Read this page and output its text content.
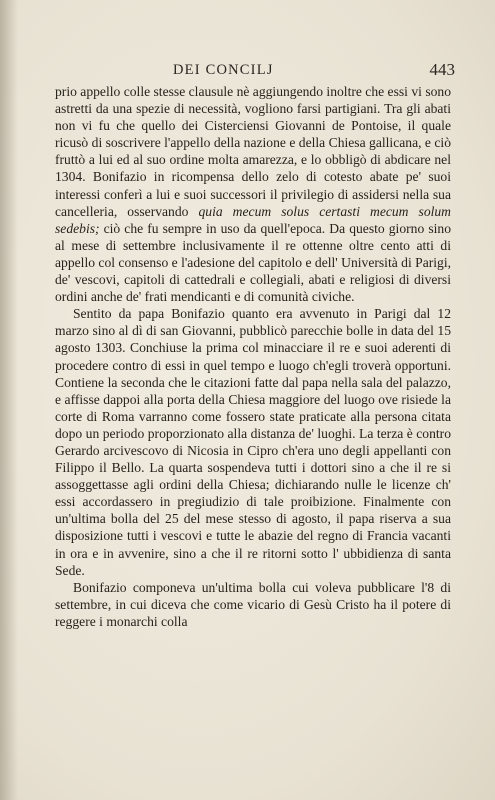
DEI CONCILJ	443

prio appello colle stesse clausule nè aggiungendo inoltre che essi vi sono astretti da una spezie di necessità, vogliono farsi partigiani. Tra gli abati non vi fu che quello dei Cisterciensi Giovanni de Pontoise, il quale ricusò di soscrivere l'appello della nazione e della Chiesa gallicana, e ciò fruttò a lui ed al suo ordine molta amarezza, e lo obbligò di abdicare nel 1304. Bonifazio in ricompensa dello zelo di cotesto abate pe' suoi interessi conferì a lui e suoi successori il privilegio di assidersi nella sua cancelleria, osservando quia mecum solus certasti mecum solum sedebis; ciò che fu sempre in uso da quell'epoca. Da questo giorno sino al mese di settembre inclusivamente il re ottenne oltre cento atti di appello col consenso e l'adesione del capitolo e dell' Università di Parigi, de' vescovi, capitoli di cattedrali e collegiali, abati e religiosi di diversi ordini anche de' frati mendicanti e di comunità civiche.

Sentito da papa Bonifazio quanto era avvenuto in Parigi dal 12 marzo sino al dì di san Giovanni, pubblicò parecchie bolle in data del 15 agosto 1303. Conchiuse la prima col minacciare il re e suoi aderenti di procedere contro di essi in quel tempo e luogo ch'egli troverà opportuni. Contiene la seconda che le citazioni fatte dal papa nella sala del palazzo, e affisse dappoi alla porta della Chiesa maggiore del luogo ove risiede la corte di Roma varranno come fossero state praticate alla persona citata dopo un periodo proporzionato alla distanza de' luoghi. La terza è contro Gerardo arcivescovo di Nicosia in Cipro ch'era uno degli appellanti con Filippo il Bello. La quarta sospendeva tutti i dottori sino a che il re si assoggettasse agli ordini della Chiesa; dichiarando nulle le licenze ch' essi accordassero in pregiudizio di tale proibizione. Finalmente con un'ultima bolla del 25 del mese stesso di agosto, il papa riserva a sua disposizione tutti i vescovi e tutte le abazie del regno di Francia vacanti in ora e in avvenire, sino a che il re ritorni sotto l' ubbidienza di santa Sede.

Bonifazio componeva un'ultima bolla cui voleva pubblicare l'8 di settembre, in cui diceva che come vicario di Gesù Cristo ha il potere di reggere i monarchi colla
